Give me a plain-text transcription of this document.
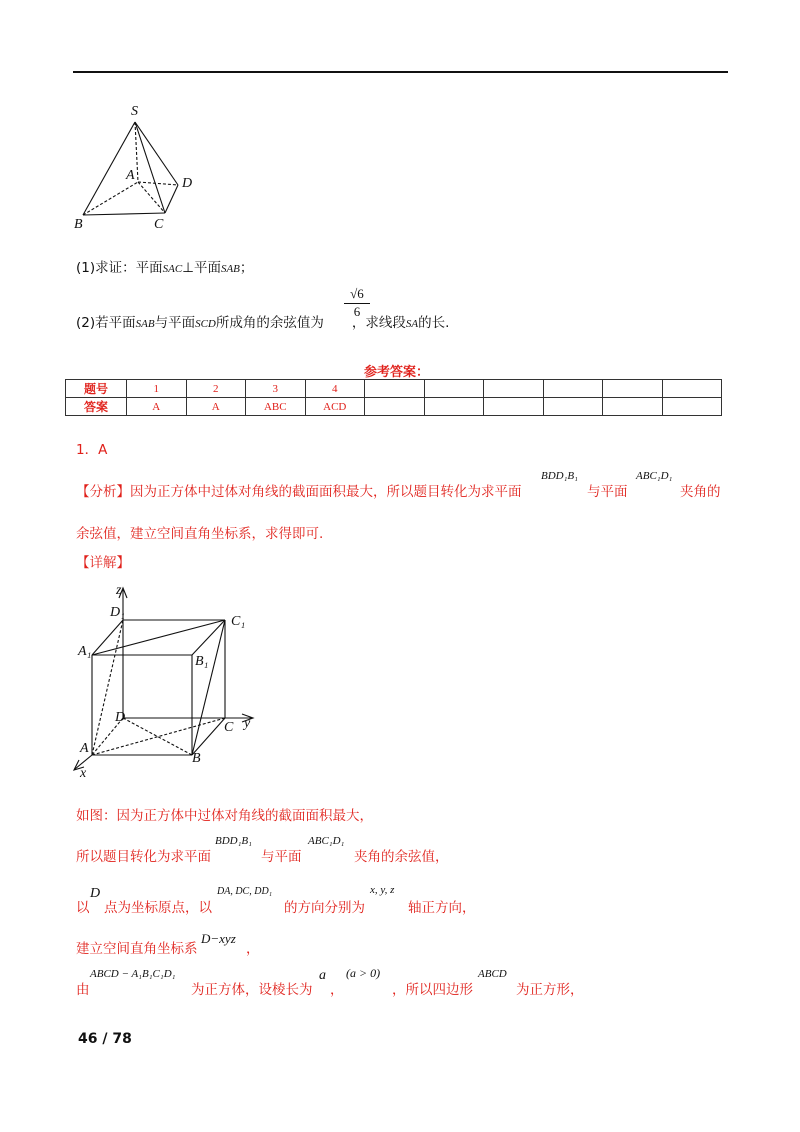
S
A
D
B	C
(1)求证：平面SAC⊥平面SAB；
(2)若平面SAB与平面SCD所成角的余弦值为 ，求线段SA的长.
$\frac{√6}{6}$
参考答案：
题号	1	2	3	4						
答案	A	A	ABC	ACD						
1．A
【分析】因为正方体中过体对角线的截面面积最大，所以题目转化为求平面
BDD₁B₁
与平面
ABC₁D₁
夹角的
余弦值，建立空间直角坐标系，求得即可.
【详解】
z
D₁
C₁
A₁
B₁
D
C y
A
B
x
如图：因为正方体中过体对角线的截面面积最大，
所以题目转化为求平面
BDD₁B₁
与平面
ABC₁D₁
夹角的余弦值，
以
D
点为坐标原点，以
DA, DC, DD₁
的方向分别为
x, y, z
轴正方向，
建立空间直角坐标系
D−xyz
，
由
ABCD − A₁B₁C₁D₁
为正方体，设棱长为
a
，
(a > 0)
，所以四边形
ABCD
为正方形，
46 / 78
